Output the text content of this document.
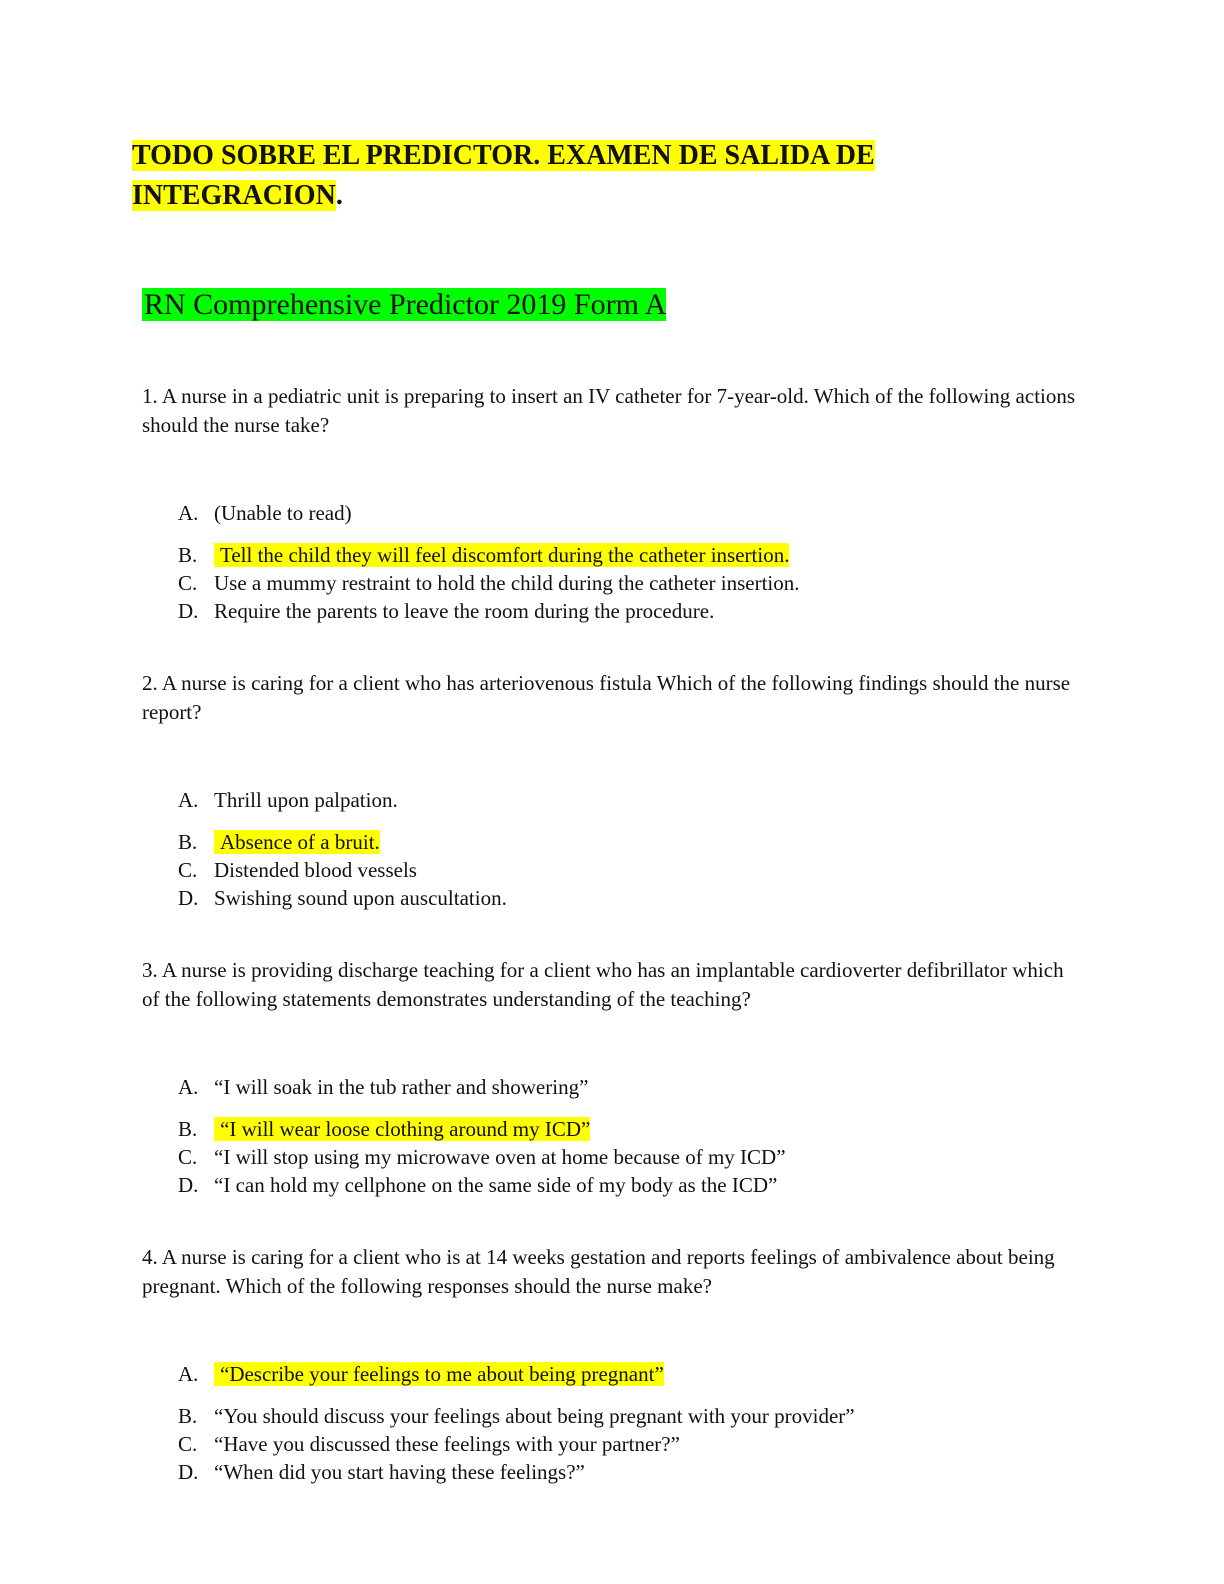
TODO SOBRE EL PREDICTOR. EXAMEN DE SALIDA DE
INTEGRACION.
RN Comprehensive Predictor 2019 Form A

1. A nurse in a pediatric unit is preparing to insert an IV catheter for 7-year-old. Which of the following actions should the nurse take?

A. (Unable to read)
B. Tell the child they will feel discomfort during the catheter insertion.
C. Use a mummy restraint to hold the child during the catheter insertion.
D. Require the parents to leave the room during the procedure.

2. A nurse is caring for a client who has arteriovenous fistula Which of the following findings should the nurse report?

A. Thrill upon palpation.
B. Absence of a bruit.
C. Distended blood vessels
D. Swishing sound upon auscultation.

3. A nurse is providing discharge teaching for a client who has an implantable cardioverter defibrillator which of the following statements demonstrates understanding of the teaching?

A. “I will soak in the tub rather and showering”
B. “I will wear loose clothing around my ICD”
C. “I will stop using my microwave oven at home because of my ICD”
D. “I can hold my cellphone on the same side of my body as the ICD”

4. A nurse is caring for a client who is at 14 weeks gestation and reports feelings of ambivalence about being pregnant. Which of the following responses should the nurse make?

A. “Describe your feelings to me about being pregnant”
B. “You should discuss your feelings about being pregnant with your provider”
C. “Have you discussed these feelings with your partner?”
D. “When did you start having these feelings?”
